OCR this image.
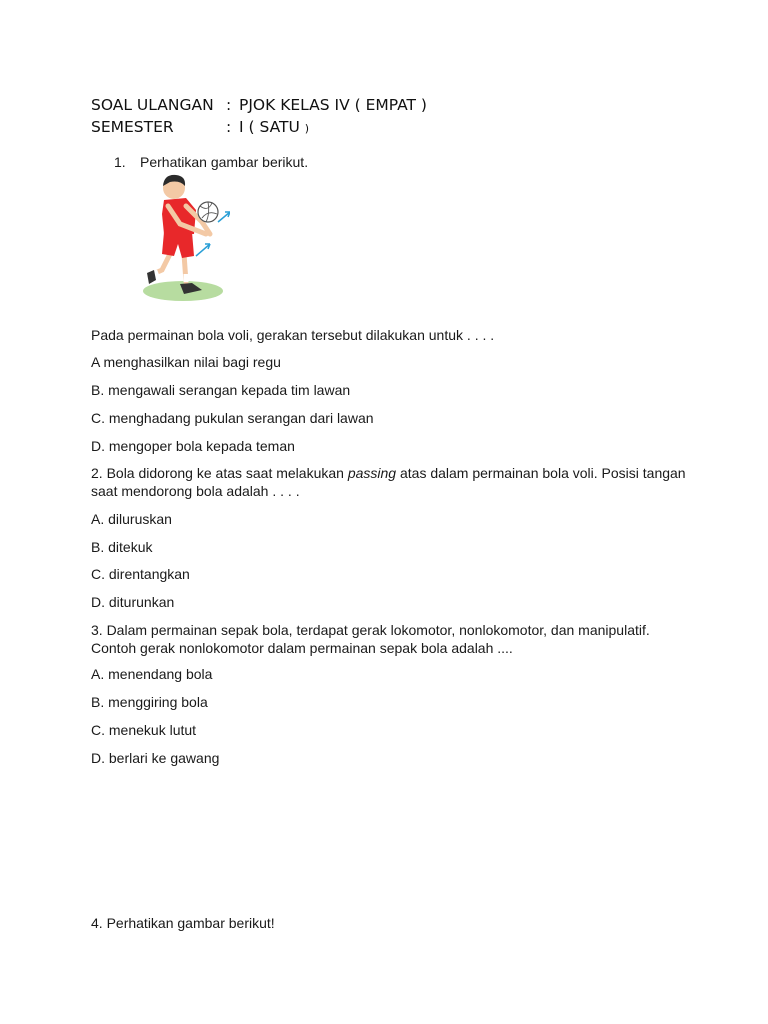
SOAL ULANGAN : PJOK KELAS IV ( EMPAT )
SEMESTER	: I ( SATU )
1. Perhatikan gambar berikut.
Pada permainan bola voli, gerakan tersebut dilakukan untuk . . . .
A menghasilkan nilai bagi regu
B. mengawali serangan kepada tim lawan
C. menghadang pukulan serangan dari lawan
D. mengoper bola kepada teman
2. Bola didorong ke atas saat melakukan passing atas dalam permainan bola voli. Posisi tangan saat mendorong bola adalah . . . .
A. diluruskan
B. ditekuk
C. direntangkan
D. diturunkan
3. Dalam permainan sepak bola, terdapat gerak lokomotor, nonlokomotor, dan manipulatif. Contoh gerak nonlokomotor dalam permainan sepak bola adalah ....
A. menendang bola
B. menggiring bola
C. menekuk lutut
D. berlari ke gawang
4. Perhatikan gambar berikut!
